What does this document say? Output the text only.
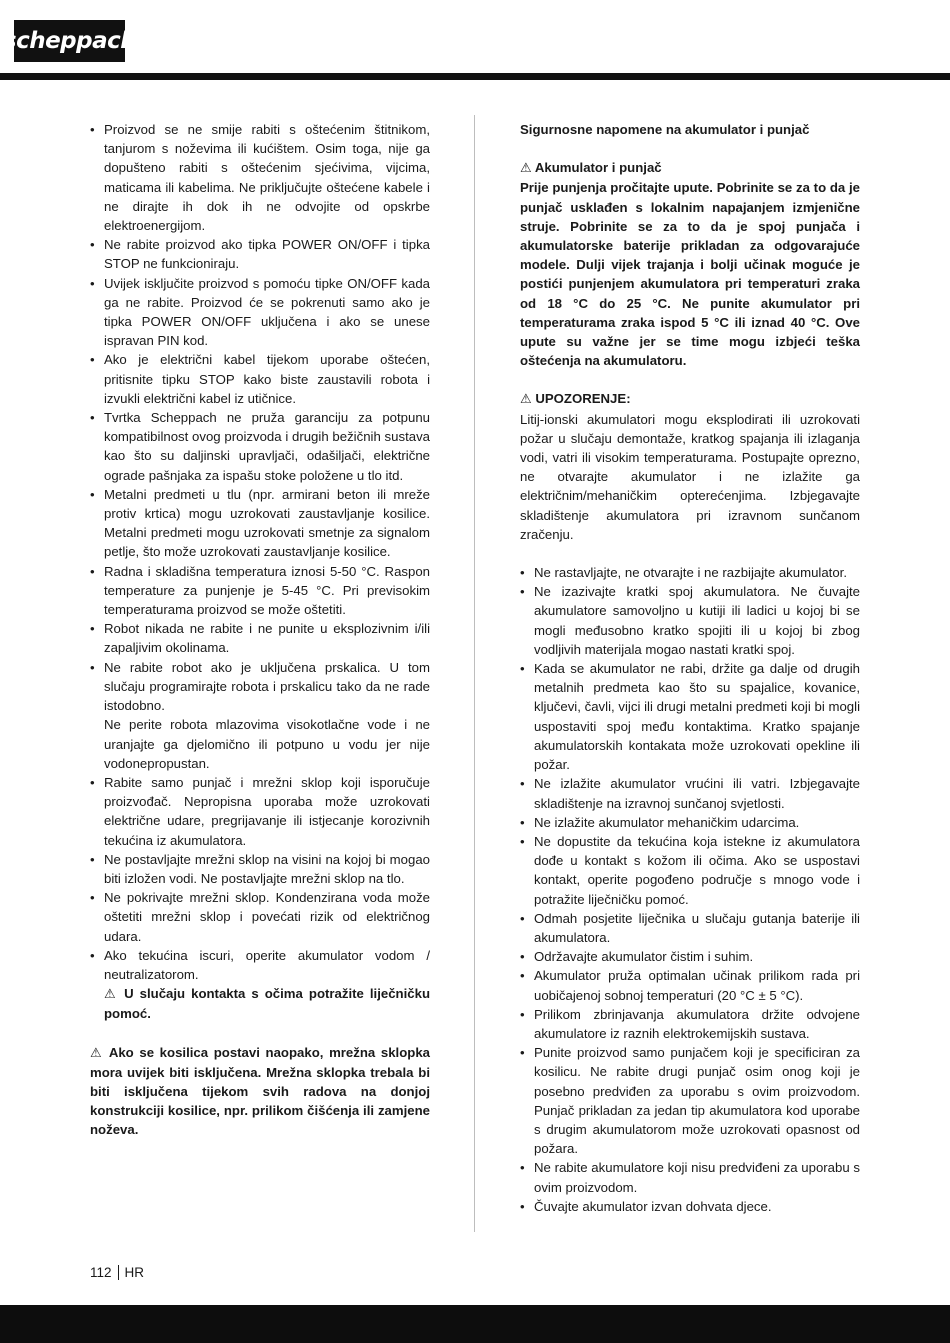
scheppach
• Proizvod se ne smije rabiti s oštećenim štitnikom, tanjurom s noževima ili kućištem. Osim toga, nije ga dopušteno rabiti s oštećenim sjećivima, vijcima, maticama ili kabelima. Ne priključujte oštećene kabele i ne dirajte ih dok ih ne odvojite od opskrbe elektroenergijom.
• Ne rabite proizvod ako tipka POWER ON/OFF i tipka STOP ne funkcioniraju.
• Uvijek isključite proizvod s pomoću tipke ON/OFF kada ga ne rabite. Proizvod će se pokrenuti samo ako je tipka POWER ON/OFF uključena i ako se unese ispravan PIN kod.
• Ako je električni kabel tijekom uporabe oštećen, pritisnite tipku STOP kako biste zaustavili robota i izvukli električni kabel iz utičnice.
• Tvrtka Scheppach ne pruža garanciju za potpunu kompatibilnost ovog proizvoda i drugih bežičnih sustava kao što su daljinski upravljači, odašiljači, električne ograde pašnjaka za ispašu stoke položene u tlo itd.
• Metalni predmeti u tlu (npr. armirani beton ili mreže protiv krtica) mogu uzrokovati zaustavljanje kosilice. Metalni predmeti mogu uzrokovati smetnje za signalom petlje, što može uzrokovati zaustavljanje kosilice.
• Radna i skladišna temperatura iznosi 5-50 °C. Raspon temperature za punjenje je 5-45 °C. Pri previsokim temperaturama proizvod se može oštetiti.
• Robot nikada ne rabite i ne punite u eksplozivnim i/ili zapaljivim okolinama.
• Ne rabite robot ako je uključena prskalica. U tom slučaju programirajte robota i prskalicu tako da ne rade istodobno.
Ne perite robota mlazovima visokotlačne vode i ne uranjajte ga djelomično ili potpuno u vodu jer nije vodonepropustan.
• Rabite samo punjač i mrežni sklop koji isporučuje proizvođač. Nepropisna uporaba može uzrokovati električne udare, pregrijavanje ili istjecanje korozivnih tekućina iz akumulatora.
• Ne postavljajte mrežni sklop na visini na kojoj bi mogao biti izložen vodi. Ne postavljajte mrežni sklop na tlo.
• Ne pokrivajte mrežni sklop. Kondenzirana voda može oštetiti mrežni sklop i povećati rizik od električnog udara.
• Ako tekućina iscuri, operite akumulator vodom / neutralizatorom.
⚠ U slučaju kontakta s očima potražite liječničku pomoć.

⚠ Ako se kosilica postavi naopako, mrežna sklopka mora uvijek biti isključena. Mrežna sklopka trebala bi biti isključena tijekom svih radova na donjoj konstrukciji kosilice, npr. prilikom čišćenja ili zamjene noževa.

Sigurnosne napomene na akumulator i punjač

⚠ Akumulator i punjač

Prije punjenja pročitajte upute. Pobrinite se za to da je punjač usklađen s lokalnim napajanjem izmjenične struje. Pobrinite se za to da je spoj punjača i akumulatorske baterije prikladan za odgovarajuće modele. Dulji vijek trajanja i bolji učinak moguće je postići punjenjem akumulatora pri temperaturi zraka od 18 °C do 25 °C. Ne punite akumulator pri temperaturama zraka ispod 5 °C ili iznad 40 °C. Ove upute su važne jer se time mogu izbjeći teška oštećenja na akumulatoru.

⚠ UPOZORENJE:

Litij-ionski akumulatori mogu eksplodirati ili uzrokovati požar u slučaju demontaže, kratkog spajanja ili izlaganja vodi, vatri ili visokim temperaturama. Postupajte oprezno, ne otvarajte akumulator i ne izlažite ga električnim/mehaničkim opterećenjima. Izbjegavajte skladištenje akumulatora pri izravnom sunčanom zračenju.

• Ne rastavljajte, ne otvarajte i ne razbijajte akumulator.
• Ne izazivajte kratki spoj akumulatora. Ne čuvajte akumulatore samovoljno u kutiji ili ladici u kojoj bi se mogli međusobno kratko spojiti ili u kojoj bi zbog vodljivih materijala mogao nastati kratki spoj.
• Kada se akumulator ne rabi, držite ga dalje od drugih metalnih predmeta kao što su spajalice, kovanice, ključevi, čavli, vijci ili drugi metalni predmeti koji bi mogli uspostaviti spoj među kontaktima. Kratko spajanje akumulatorskih kontakata može uzrokovati opekline ili požar.
• Ne izlažite akumulator vrućini ili vatri. Izbjegavajte skladištenje na izravnoj sunčanoj svjetlosti.
• Ne izlažite akumulator mehaničkim udarcima.
• Ne dopustite da tekućina koja istekne iz akumulatora dođe u kontakt s kožom ili očima. Ako se uspostavi kontakt, operite pogođeno područje s mnogo vode i potražite liječničku pomoć.
• Odmah posjetite liječnika u slučaju gutanja baterije ili akumulatora.
• Održavajte akumulator čistim i suhim.
• Akumulator pruža optimalan učinak prilikom rada pri uobičajenoj sobnoj temperaturi (20 °C ± 5 °C).
• Prilikom zbrinjavanja akumulatora držite odvojene akumulatore iz raznih elektrokemijskih sustava.
• Punite proizvod samo punjačem koji je specificiran za kosilicu. Ne rabite drugi punjač osim onog koji je posebno predviđen za uporabu s ovim proizvodom. Punjač prikladan za jedan tip akumulatora kod uporabe s drugim akumulatorom može uzrokovati opasnost od požara.
• Ne rabite akumulatore koji nisu predviđeni za uporabu s ovim proizvodom.
• Čuvajte akumulator izvan dohvata djece.
112 HR
